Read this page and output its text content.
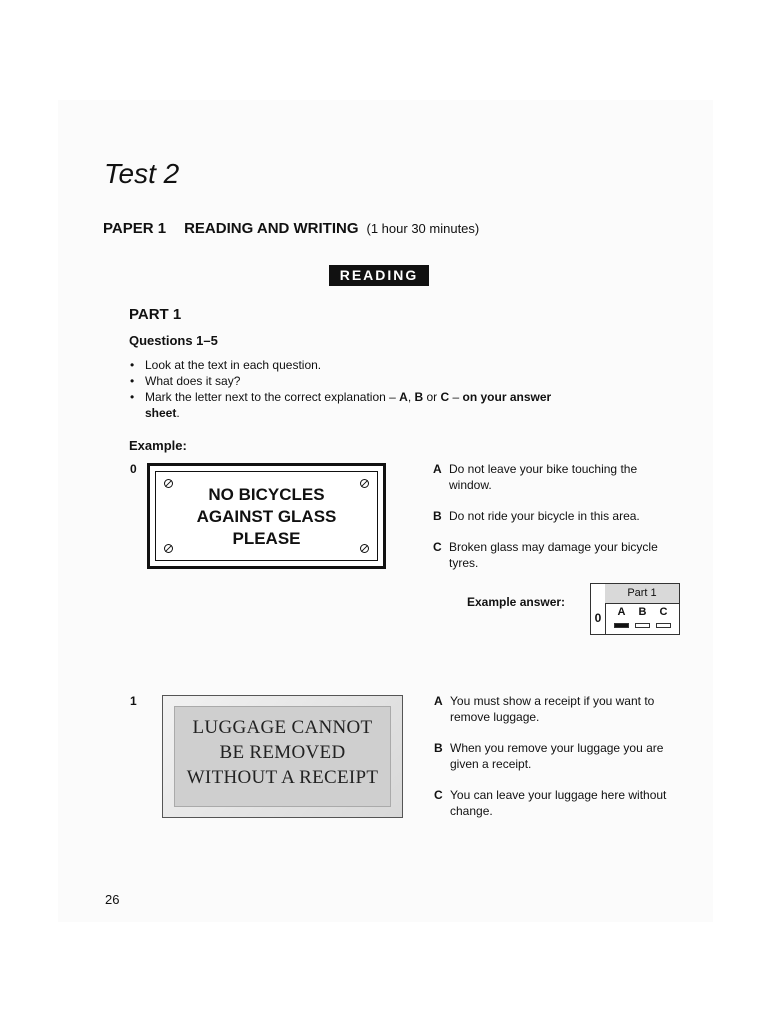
Test 2
PAPER 1 READING AND WRITING (1 hour 30 minutes)
READING
PART 1
Questions 1–5
• Look at the text in each question.
• What does it say?
• Mark the letter next to the correct explanation – A, B or C – on your answer sheet.
Example:
0
NO BICYCLES
AGAINST GLASS
PLEASE
A Do not leave your bike touching the window.
B Do not ride your bicycle in this area.
C Broken glass may damage your bicycle tyres.
Example answer:
Part 1
0	A B C
1
LUGGAGE CANNOT
BE REMOVED
WITHOUT A RECEIPT
A You must show a receipt if you want to remove luggage.
B When you remove your luggage you are given a receipt.
C You can leave your luggage here without change.
26
